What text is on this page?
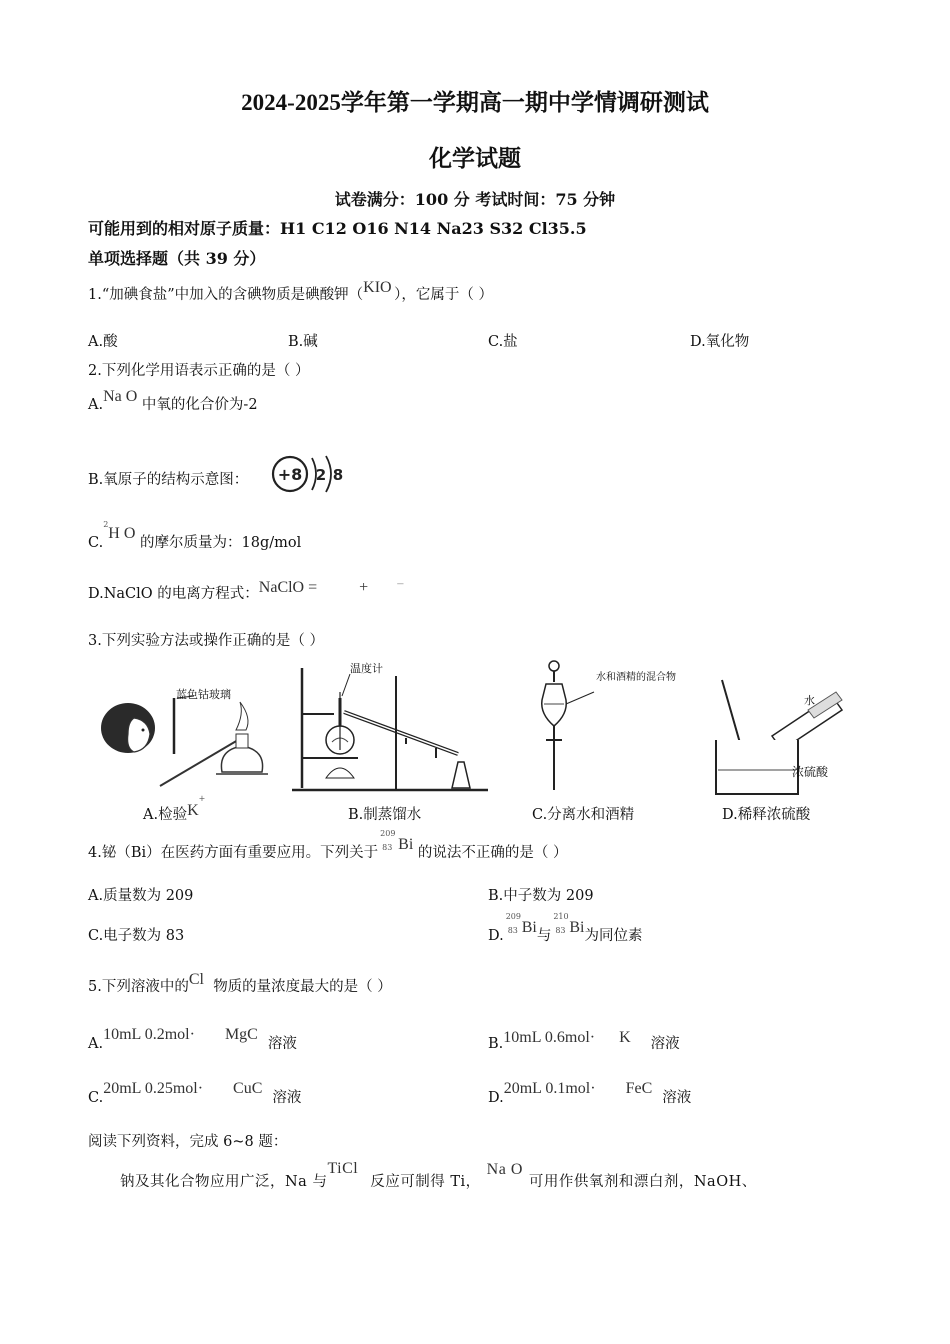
2024-2025学年第一学期高一期中学情调研测试
化学试题
试卷满分：100 分 考试时间：75 分钟
可能用到的相对原子质量：H1 C12 O16 N14 Na23 S32 Cl35.5
单项选择题（共 39 分）
1.“加碘食盐”中加入的含碘物质是碘酸钾（KIO ），它属于（ ）
A.酸	B.碱	C.盐	D.氧化物
2.下列化学用语表示正确的是（ ）
A.Na O 中氧的化合价为-2
B.氧原子的结构示意图： +8 2 8
C.$^2$H O 的摩尔质量为：18g/mol
D.NaClO 的电离方程式：NaClO =	+ ⁻
3.下列实验方法或操作正确的是（ ）
蓝色钴玻璃
A.检验K+
温度计
B.制蒸馏水
水和酒精的混合物
C.分离水和酒精
水
浓硫酸
D.稀释浓硫酸
4.铋（Bi）在医药方面有重要应用。下列关于
209
83 Bi 的说法不正确的是（ ）
A.质量数为 209	B.中子数为 209
C.电子数为 83	D.
209
83 Bi与
210
83 Bi为同位素
5.下列溶液中的Cl 物质的量浓度最大的是（ ）
A.10mL 0.2mol· MgC溶液	B.10mL 0.6mol· K 溶液
C.20mL 0.25mol· CuC溶液	D.20mL 0.1mol· FeC溶液
阅读下列资料，完成 6~8 题：
钠及其化合物应用广泛，Na 与TiCl反应可制得 Ti，Na O可用作供氧剂和漂白剂，NaOH、
